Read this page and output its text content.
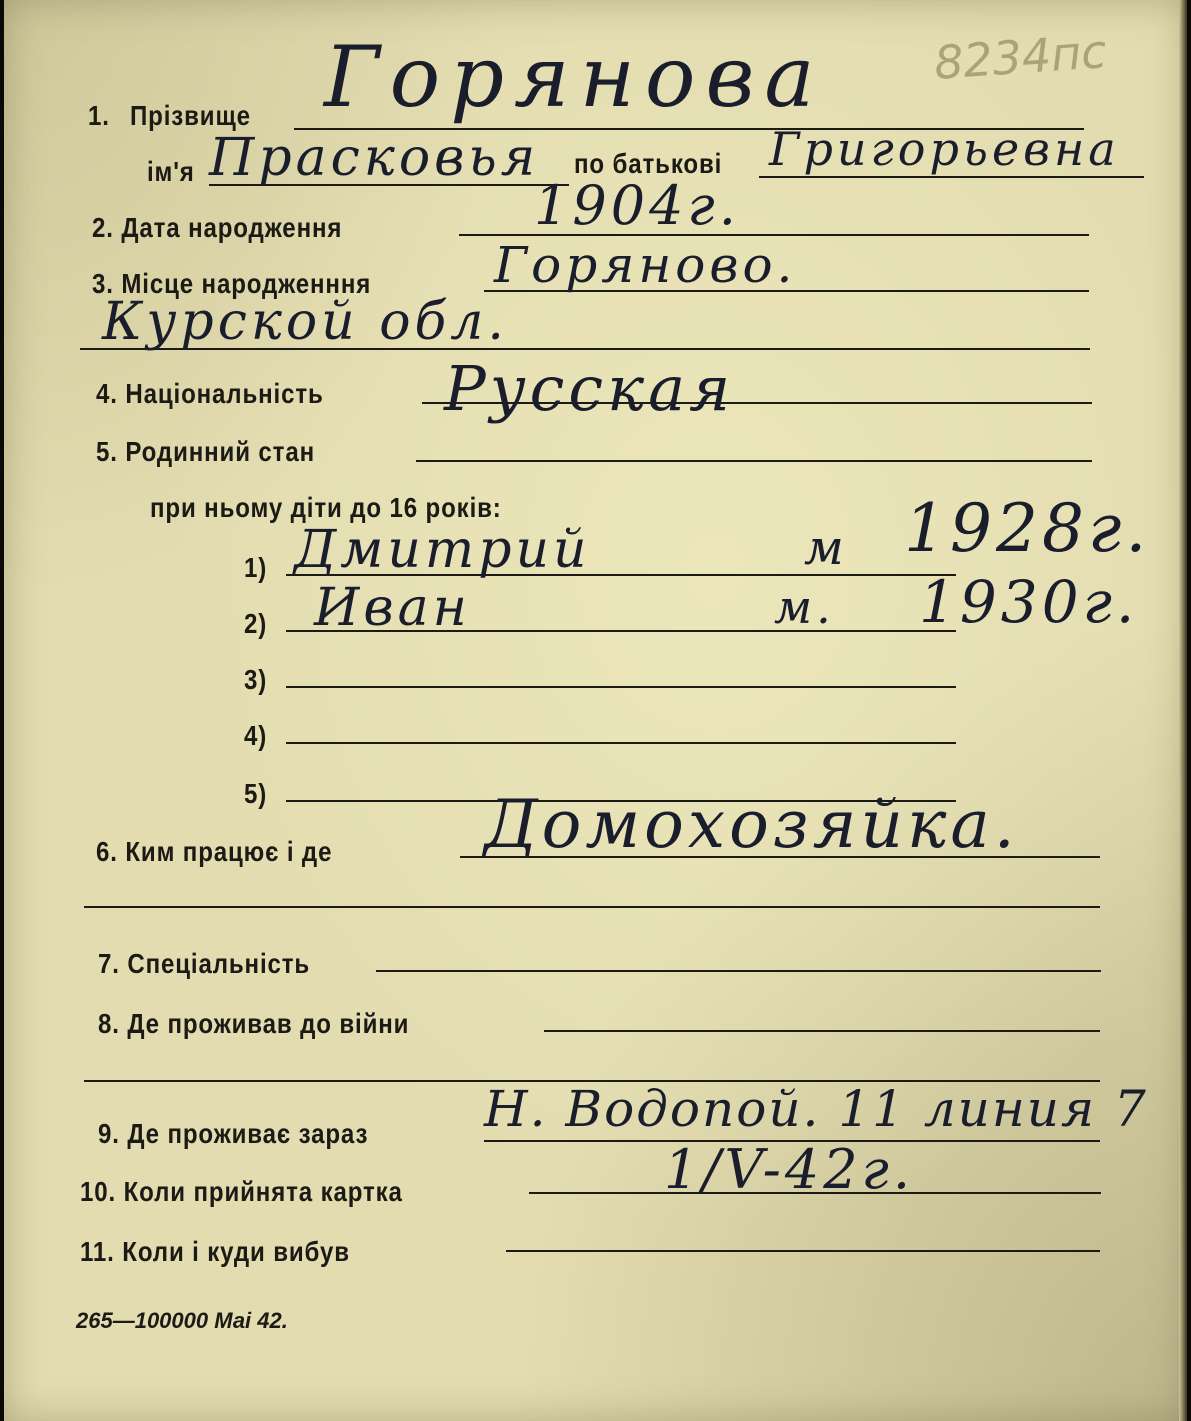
8234пс
1. Прізвище Горянова
ім'я Прасковья по батькові Григорьевна
2. Дата народження	1904г.
3. Місце народженння Горяново.
Курской обл.
4. Національність Русская
5. Родинний стан
при ньому діти до 16 років:
1) Дмитрий	м 1928г.
2) Иван	м. 1930г.
3)
4)
5)
6. Ким працює і де Домохозяйка.
7. Спеціальність
8. Де проживав до війни
9. Де проживає зараз Н. Водопой. 11 линия 7
10. Коли прийнята картка	1/V-42г.
11. Коли і куди вибув
265—100000 Маі 42.
